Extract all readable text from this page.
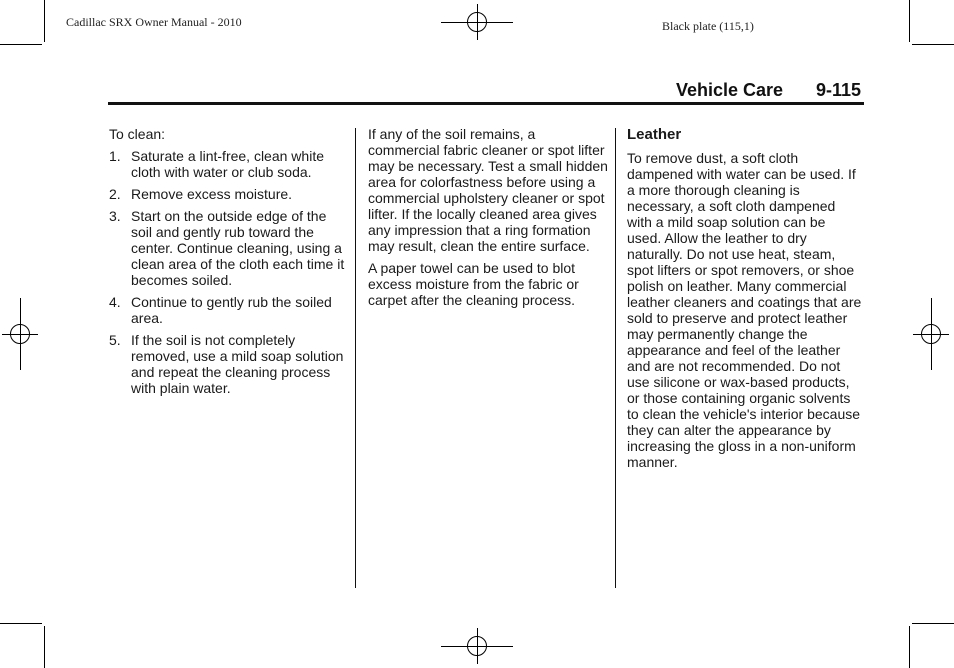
Cadillac SRX Owner Manual - 2010	Black plate (115,1)
Vehicle Care 9-115

To clean:

1. Saturate a lint-free, clean white cloth with water or club soda.
2. Remove excess moisture.
3. Start on the outside edge of the soil and gently rub toward the center. Continue cleaning, using a clean area of the cloth each time it becomes soiled.
4. Continue to gently rub the soiled area.
5. If the soil is not completely removed, use a mild soap solution and repeat the cleaning process with plain water.

If any of the soil remains, a commercial fabric cleaner or spot lifter may be necessary. Test a small hidden area for colorfastness before using a commercial upholstery cleaner or spot lifter. If the locally cleaned area gives any impression that a ring formation may result, clean the entire surface.

A paper towel can be used to blot excess moisture from the fabric or carpet after the cleaning process.

Leather

To remove dust, a soft cloth dampened with water can be used. If a more thorough cleaning is necessary, a soft cloth dampened with a mild soap solution can be used. Allow the leather to dry naturally. Do not use heat, steam, spot lifters or spot removers, or shoe polish on leather. Many commercial leather cleaners and coatings that are sold to preserve and protect leather may permanently change the appearance and feel of the leather and are not recommended. Do not use silicone or wax-based products, or those containing organic solvents to clean the vehicle's interior because they can alter the appearance by increasing the gloss in a non-uniform manner.
